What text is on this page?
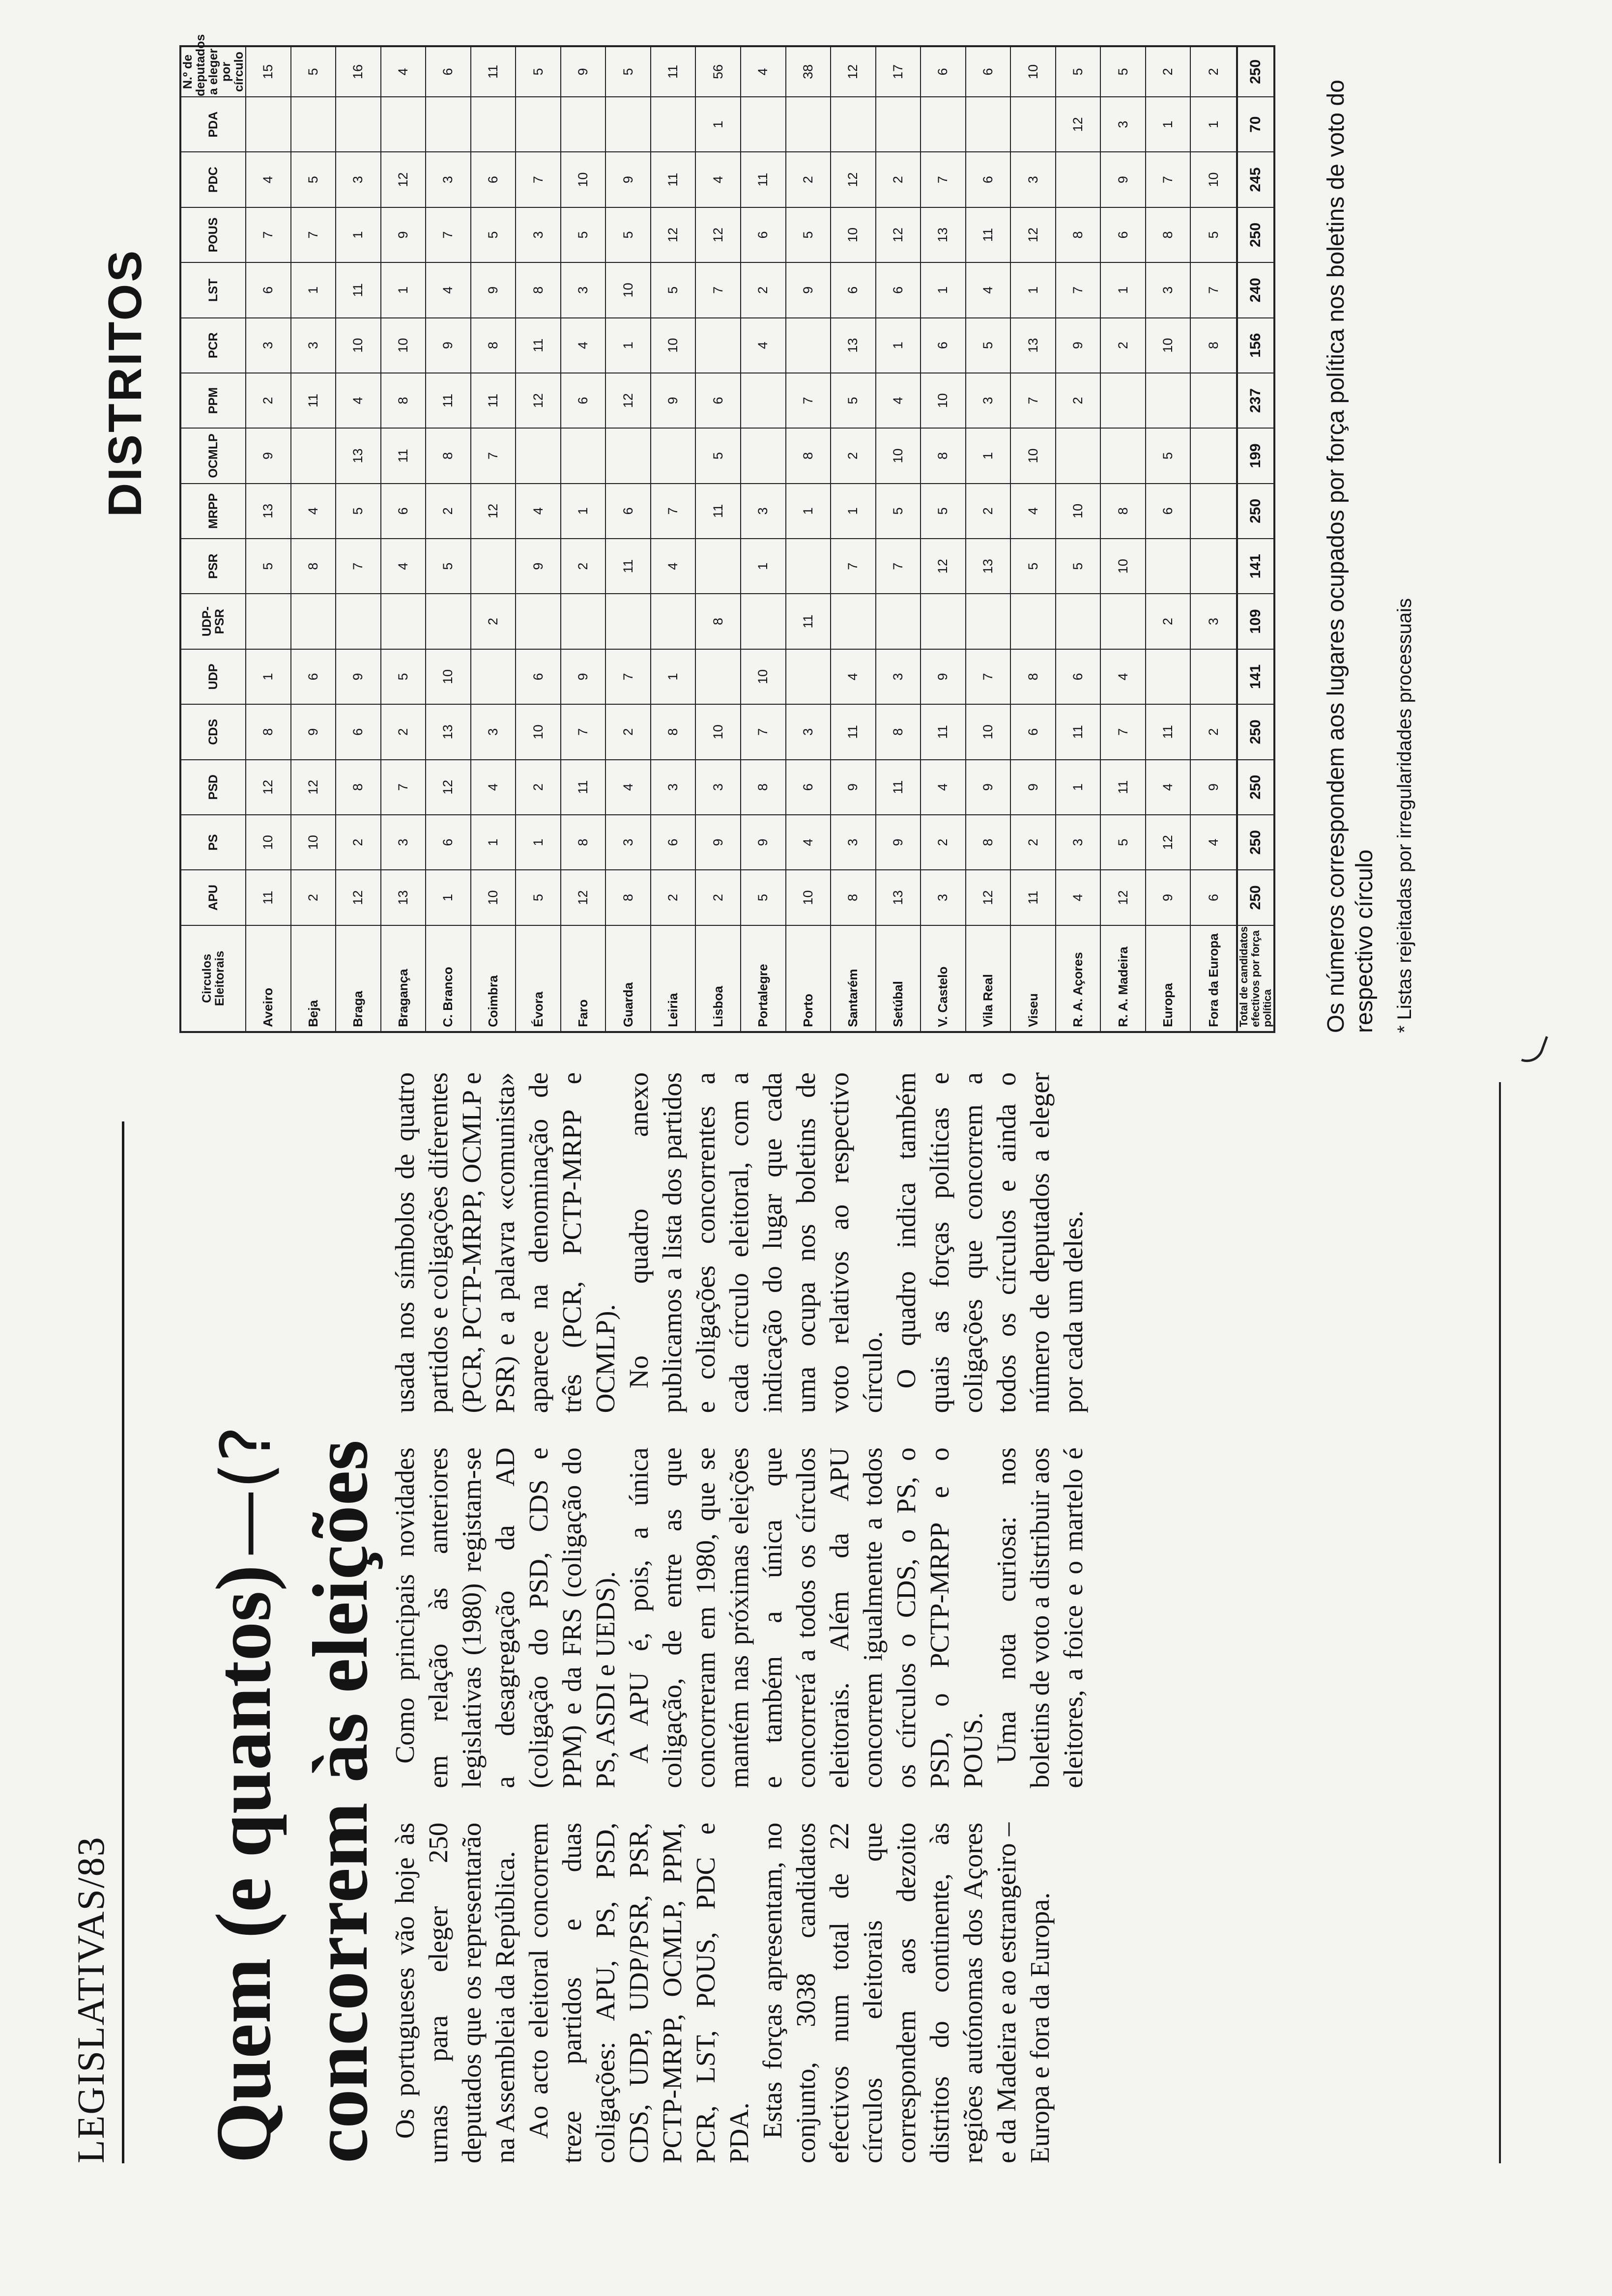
LEGISLATIVAS/83 Quem (e quantos)—(? concorrem às eleições Os portugueses vão hoje às urnas para eleger 250 deputados que os representarão na Assembleia da República. Ao acto eleitoral concorrem treze partidos e duas coligações: APU, PS, PSD, CDS, UDP, UDP/PSR, PSR, PCTP-MRPP, OCMLP, PPM, PCR, LST, POUS, PDC e PDA. Estas forças apresentam, no conjunto, 3038 candidatos efectivos num total de 22 círculos eleitorais que correspondem aos dezoito distritos do continente, às regiões autónomas dos Açores e da Madeira e ao estrangeiro – Europa e fora da Europa.

Como principais novidades em relação às anteriores legislativas (1980) registam-se a desagregação da AD (coligação do PSD, CDS e PPM) e da FRS (coligação do PS, ASDI e UEDS). A APU é, pois, a única coligação, de entre as que concorreram em 1980, que se mantém nas próximas eleições e também a única que concorrerá a todos os círculos eleitorais. Além da APU concorrem igualmente a todos os círculos o CDS, o PS, o PSD, o PCTP-MRPP e o POUS. Uma nota curiosa: nos boletins de voto a distribuir aos eleitores, a foice e o martelo é usada nos símbolos de quatro partidos e coligações diferentes (PCR, PCTP-MRPP, OCMLP e PSR) e a palavra «comunista» aparece na denominação de três (PCR, PCTP-MRPP e OCMLP). No quadro anexo publicamos a lista dos partidos e coligações concorrentes a cada círculo eleitoral, com a indicação do lugar que cada uma ocupa nos boletins de voto relativos ao respectivo círculo. O quadro indica também quais as forças políticas e coligações que concorrem a todos os círculos e ainda o número de deputados a eleger por cada um deles.

DISTRITOS
Circulos Eleitorais	APU	PS	PSD	CDS	UDP	UDP-PSR	PSR	MRPP	OCMLP	PPM	PCR	LST	POUS	PDC	PDA	N.º de deputados a eleger por círculo
Aveiro	11	10	12	8	1		5	13	9	2	3	6	7	4		15
Beja	2	10	12	9	6		8	4		11	3	1	7	5		5
Braga	12	2	8	6	9		7	5	13	4	10	11	1	3		16
Bragança	13	3	7	2	5		4	6	11	8	10	1	9	12		4
C. Branco	1	6	12	13	10		5	2	8	11	9	4	7	3		6
Coimbra	10	1	4	3		2		12	7	11	8	9	5	6		11
Évora	5	1	2	10	6		9	4		12	11	8	3	7		5
Faro	12	8	11	7	9		2	1		6	4	3	5	10		9
Guarda	8	3	4	2	7		11	6		12	1	10	5	9		5
Leiria	2	6	3	8	1		4	7		9	10	5	12	11		11
Lisboa	2	9	3	10		8		11	5	6		7	12	4	1	56
Portalegre	5	9	8	7	10		1	3			4	2	6	11		4
Porto	10	4	6	3		11		1	8	7		9	5	2		38
Santarém	8	3	9	11	4		7	1	2	5	13	6	10	12		12
Setúbal	13	9	11	8	3		7	5	10	4	1	6	12	2		17
V. Castelo	3	2	4	11	9		12	5	8	10	6	1	13	7		6
Vila Real	12	8	9	10	7		13	2	1	3	5	4	11	6		6
Viseu	11	2	9	6	8		5	4	10	7	13	1	12	3		10
R. A. Açores	4	3	1	11	6		5	10		2	9	7	8		12	5
R. A. Madeira	12	5	11	7	4		10	8			2	1	6	9	3	5
Europa	9	12	4	11		2		6	5		10	3	8	7	1	2
Fora da Europa	6	4	9	2		3					8	7	5	10	1	2
Total de candidatos efectivos por força política	250	250	250	250	141	109	141	250	199	237	156	240	250	245	70	250
Os números correspondem aos lugares ocupados por força política nos boletins de voto do respectivo círculo * Listas rejeitadas por irregularidades processuais
